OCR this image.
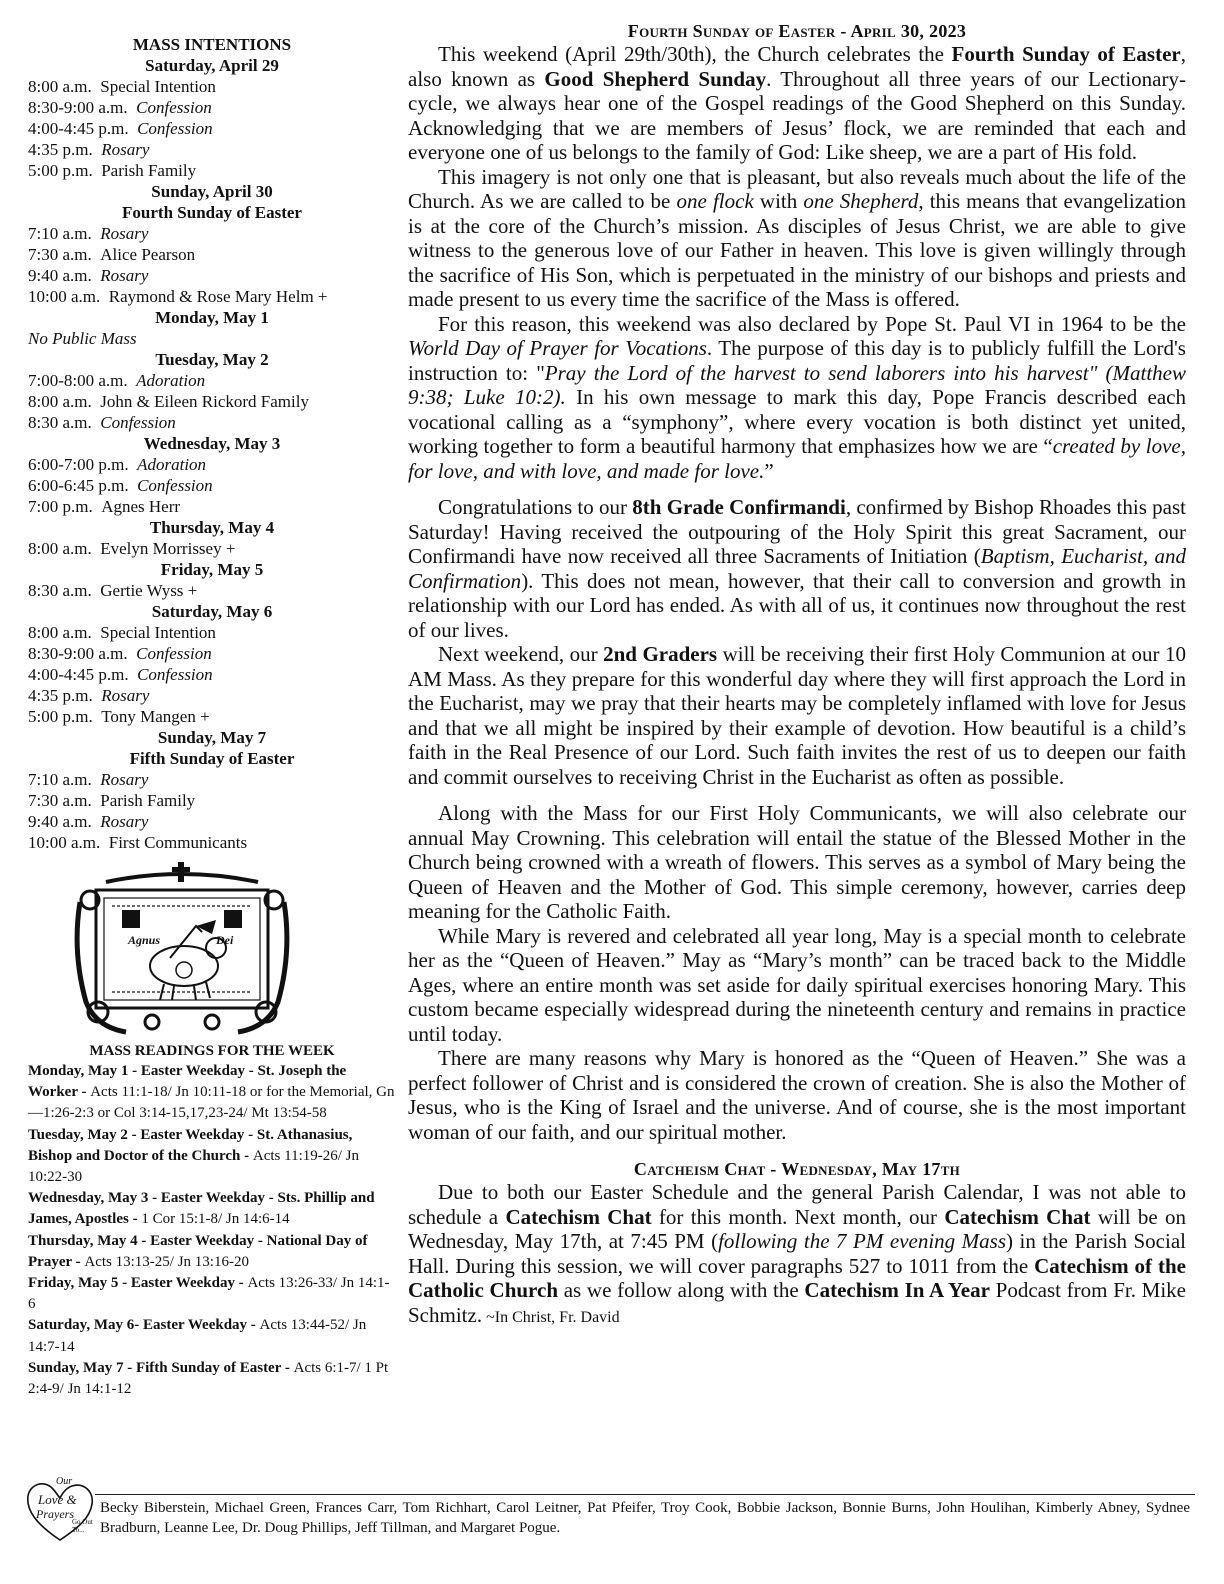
MASS INTENTIONS
Saturday, April 29
8:00 a.m. Special Intention
8:30-9:00 a.m. Confession
4:00-4:45 p.m. Confession
4:35 p.m. Rosary
5:00 p.m. Parish Family
Sunday, April 30
Fourth Sunday of Easter
7:10 a.m. Rosary
7:30 a.m. Alice Pearson
9:40 a.m. Rosary
10:00 a.m. Raymond & Rose Mary Helm +
Monday, May 1
No Public Mass
Tuesday, May 2
7:00-8:00 a.m. Adoration
8:00 a.m. John & Eileen Rickord Family
8:30 a.m. Confession
Wednesday, May 3
6:00-7:00 p.m. Adoration
6:00-6:45 p.m. Confession
7:00 p.m. Agnes Herr
Thursday, May 4
8:00 a.m. Evelyn Morrissey +
Friday, May 5
8:30 a.m. Gertie Wyss +
Saturday, May 6
8:00 a.m. Special Intention
8:30-9:00 a.m. Confession
4:00-4:45 p.m. Confession
4:35 p.m. Rosary
5:00 p.m. Tony Mangen +
Sunday, May 7
Fifth Sunday of Easter
7:10 a.m. Rosary
7:30 a.m. Parish Family
9:40 a.m. Rosary
10:00 a.m. First Communicants
Agnus	Dei
MASS READINGS FOR THE WEEK
Monday, May 1 - Easter Weekday - St. Joseph the Worker - Acts 11:1-18/ Jn 10:11-18 or for the Memorial, Gn—1:26-2:3 or Col 3:14-15,17,23-24/ Mt 13:54-58
Tuesday, May 2 - Easter Weekday - St. Athanasius, Bishop and Doctor of the Church - Acts 11:19-26/ Jn 10:22-30
Wednesday, May 3 - Easter Weekday - Sts. Phillip and James, Apostles - 1 Cor 15:1-8/ Jn 14:6-14
Thursday, May 4 - Easter Weekday - National Day of Prayer - Acts 13:13-25/ Jn 13:16-20
Friday, May 5 - Easter Weekday - Acts 13:26-33/ Jn 14:1-6
Saturday, May 6- Easter Weekday - Acts 13:44-52/ Jn 14:7-14
Sunday, May 7 - Fifth Sunday of Easter - Acts 6:1-7/ 1 Pt 2:4-9/ Jn 14:1-12
Fourth Sunday of Easter - April 30, 2023

This weekend (April 29th/30th), the Church celebrates the Fourth Sunday of Easter, also known as Good Shepherd Sunday. Throughout all three years of our Lectionary-cycle, we always hear one of the Gospel readings of the Good Shepherd on this Sunday. Acknowledging that we are members of Jesus’ flock, we are reminded that each and everyone one of us belongs to the family of God: Like sheep, we are a part of His fold.

This imagery is not only one that is pleasant, but also reveals much about the life of the Church. As we are called to be one flock with one Shepherd, this means that evangelization is at the core of the Church’s mission. As disciples of Jesus Christ, we are able to give witness to the generous love of our Father in heaven. This love is given willingly through the sacrifice of His Son, which is perpetuated in the ministry of our bishops and priests and made present to us every time the sacrifice of the Mass is offered.

For this reason, this weekend was also declared by Pope St. Paul VI in 1964 to be the World Day of Prayer for Vocations. The purpose of this day is to publicly fulfill the Lord's instruction to: "Pray the Lord of the harvest to send laborers into his harvest" (Matthew 9:38; Luke 10:2). In his own message to mark this day, Pope Francis described each vocational calling as a “symphony”, where every vocation is both distinct yet united, working together to form a beautiful harmony that emphasizes how we are “created by love, for love, and with love, and made for love.”

Congratulations to our 8th Grade Confirmandi, confirmed by Bishop Rhoades this past Saturday! Having received the outpouring of the Holy Spirit this great Sacrament, our Confirmandi have now received all three Sacraments of Initiation (Baptism, Eucharist, and Confirmation). This does not mean, however, that their call to conversion and growth in relationship with our Lord has ended. As with all of us, it continues now throughout the rest of our lives.

Next weekend, our 2nd Graders will be receiving their first Holy Communion at our 10 AM Mass. As they prepare for this wonderful day where they will first approach the Lord in the Eucharist, may we pray that their hearts may be completely inflamed with love for Jesus and that we all might be inspired by their example of devotion. How beautiful is a child’s faith in the Real Presence of our Lord. Such faith invites the rest of us to deepen our faith and commit ourselves to receiving Christ in the Eucharist as often as possible.

Along with the Mass for our First Holy Communicants, we will also celebrate our annual May Crowning. This celebration will entail the statue of the Blessed Mother in the Church being crowned with a wreath of flowers. This serves as a symbol of Mary being the Queen of Heaven and the Mother of God. This simple ceremony, however, carries deep meaning for the Catholic Faith.

While Mary is revered and celebrated all year long, May is a special month to celebrate her as the “Queen of Heaven.” May as “Mary’s month” can be traced back to the Middle Ages, where an entire month was set aside for daily spiritual exercises honoring Mary. This custom became especially widespread during the nineteenth century and remains in practice until today.

There are many reasons why Mary is honored as the “Queen of Heaven.” She was a perfect follower of Christ and is considered the crown of creation. She is also the Mother of Jesus, who is the King of Israel and the universe. And of course, she is the most important woman of our faith, and our spiritual mother.

Catcheism Chat - Wednesday, May 17th

Due to both our Easter Schedule and the general Parish Calendar, I was not able to schedule a Catechism Chat for this month. Next month, our Catechism Chat will be on Wednesday, May 17th, at 7:45 PM (following the 7 PM evening Mass) in the Parish Social Hall. During this session, we will cover paragraphs 527 to 1011 from the Catechism of the Catholic Church as we follow along with the Catechism In A Year Podcast from Fr. Mike Schmitz. ~In Christ, Fr. David

Our
Love &
Prayers
Go Out
To...
Becky Biberstein, Michael Green, Frances Carr, Tom Richhart, Carol Leitner, Pat Pfeifer, Troy Cook, Bobbie Jackson, Bonnie Burns, John Houlihan, Kimberly Abney, Sydnee Bradburn, Leanne Lee, Dr. Doug Phillips, Jeff Tillman, and Margaret Pogue.
